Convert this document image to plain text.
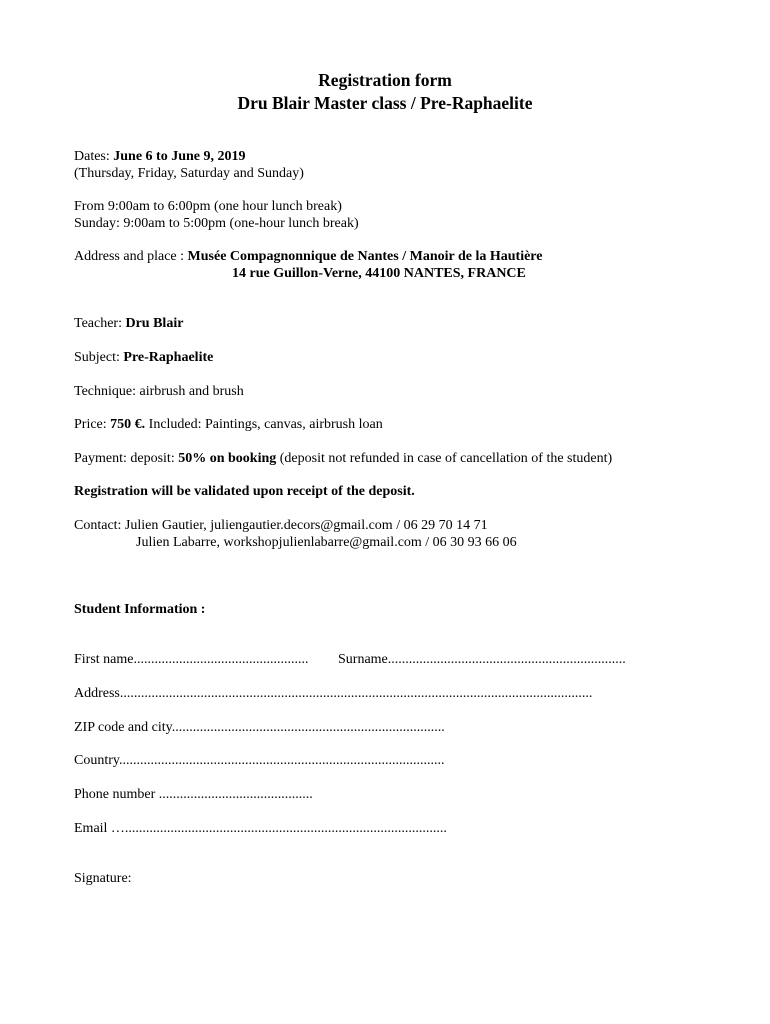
Registration form
Dru Blair Master class / Pre-Raphaelite
Dates: June 6 to June 9, 2019
(Thursday, Friday, Saturday and Sunday)
From 9:00am to 6:00pm (one hour lunch break)
Sunday: 9:00am to 5:00pm (one-hour lunch break)
Address and place : Musée Compagnonnique de Nantes / Manoir de la Hautière
14 rue Guillon-Verne, 44100 NANTES, FRANCE
Teacher: Dru Blair
Subject: Pre-Raphaelite
Technique: airbrush and brush
Price: 750 €. Included: Paintings, canvas, airbrush loan
Payment: deposit: 50% on booking (deposit not refunded in case of cancellation of the student)
Registration will be validated upon receipt of the deposit.
Contact: Julien Gautier, juliengautier.decors@gmail.com / 06 29 70 14 71
Julien Labarre, workshopjulienlabarre@gmail.com / 06 30 93 66 06
Student Information :
First name.................................................. Surname....................................................................
Address.......................................................................................................................................
ZIP code and city..............................................................................
Country.............................................................................................
Phone number ............................................
Email …............................................................................................
Signature:
